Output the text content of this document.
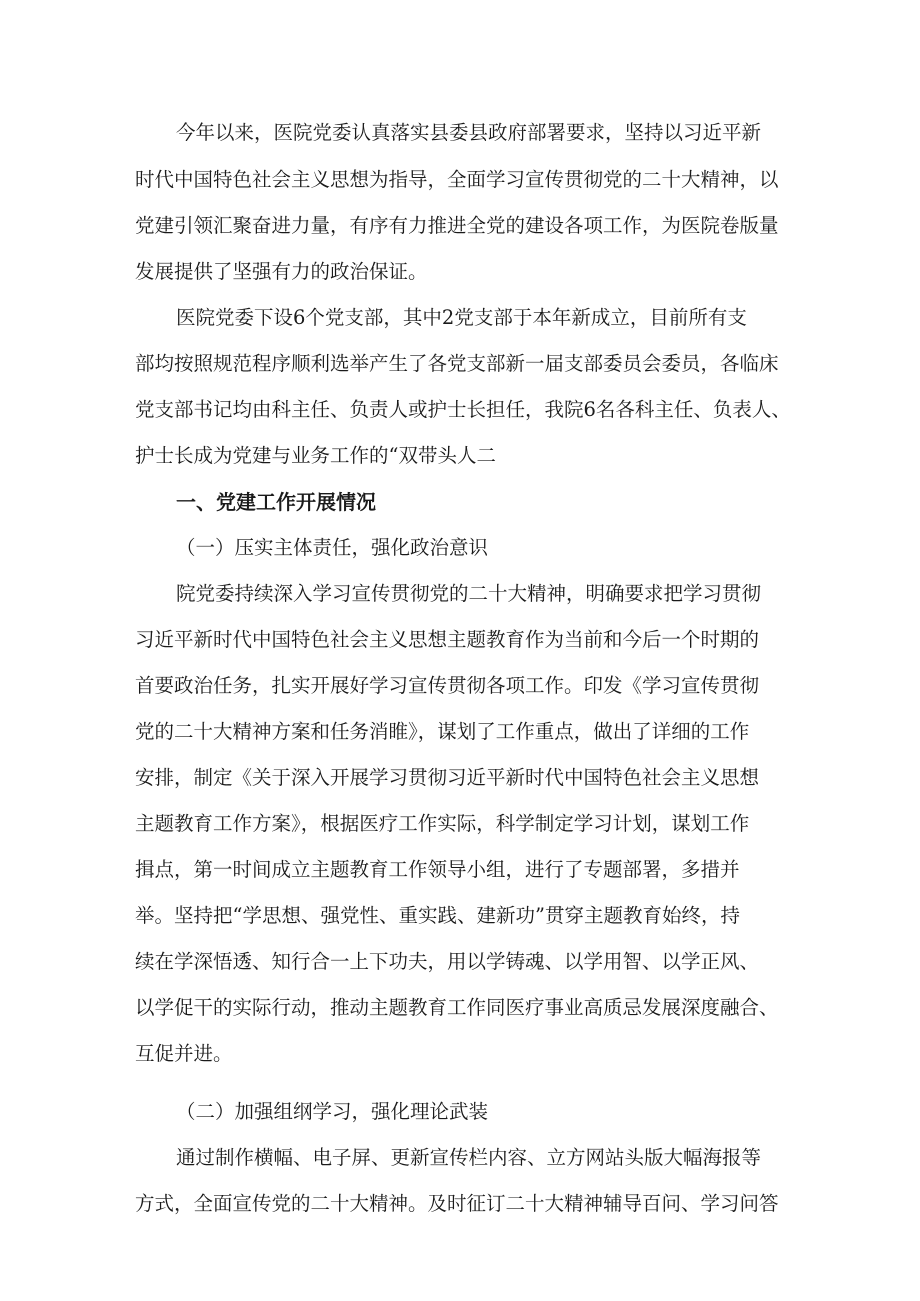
今年以来，医院党委认真落实县委县政府部署要求，坚持以习近平新
时代中国特色社会主义思想为指导，全面学习宣传贯彻党的二十大精神，以
党建引领汇聚奋进力量，有序有力推进全党的建设各项工作，为医院卷版量
发展提供了坚强有力的政治保证。
医院党委下设6个党支部，其中2党支部于本年新成立，目前所有支
部均按照规范程序顺利选举产生了各党支部新一届支部委员会委员，各临床
党支部书记均由科主任、负责人或护士长担任，我院6名各科主任、负表人、
护士长成为党建与业务工作的“双带头人二
一、党建工作开展情况
（一）压实主体责任，强化政治意识
院党委持续深入学习宣传贯彻党的二十大精神，明确要求把学习贯彻
习近平新时代中国特色社会主义思想主题教育作为当前和今后一个时期的
首要政治任务，扎实开展好学习宣传贯彻各项工作。印发《学习宣传贯彻
党的二十大精神方案和任务消睢》，谋划了工作重点，做出了详细的工作
安排，制定《关于深入开展学习贯彻习近平新时代中国特色社会主义思想
主题教育工作方案》，根据医疗工作实际，科学制定学习计划，谋划工作
揖点，第一时间成立主题教育工作领导小组，进行了专题部署，多措并
举。坚持把“学思想、强党性、重实践、建新功”贯穿主题教育始终，持
续在学深悟透、知行合一上下功夫，用以学铸魂、以学用智、以学正风、
以学促干的实际行动，推动主题教育工作同医疗事业高质忌发展深度融合、
互促并进。
（二）加强组纲学习，强化理论武装
通过制作横幅、电子屏、更新宣传栏内容、立方网站头版大幅海报等
方式，全面宣传党的二十大精神。及时征订二十大精神辅导百问、学习问答
